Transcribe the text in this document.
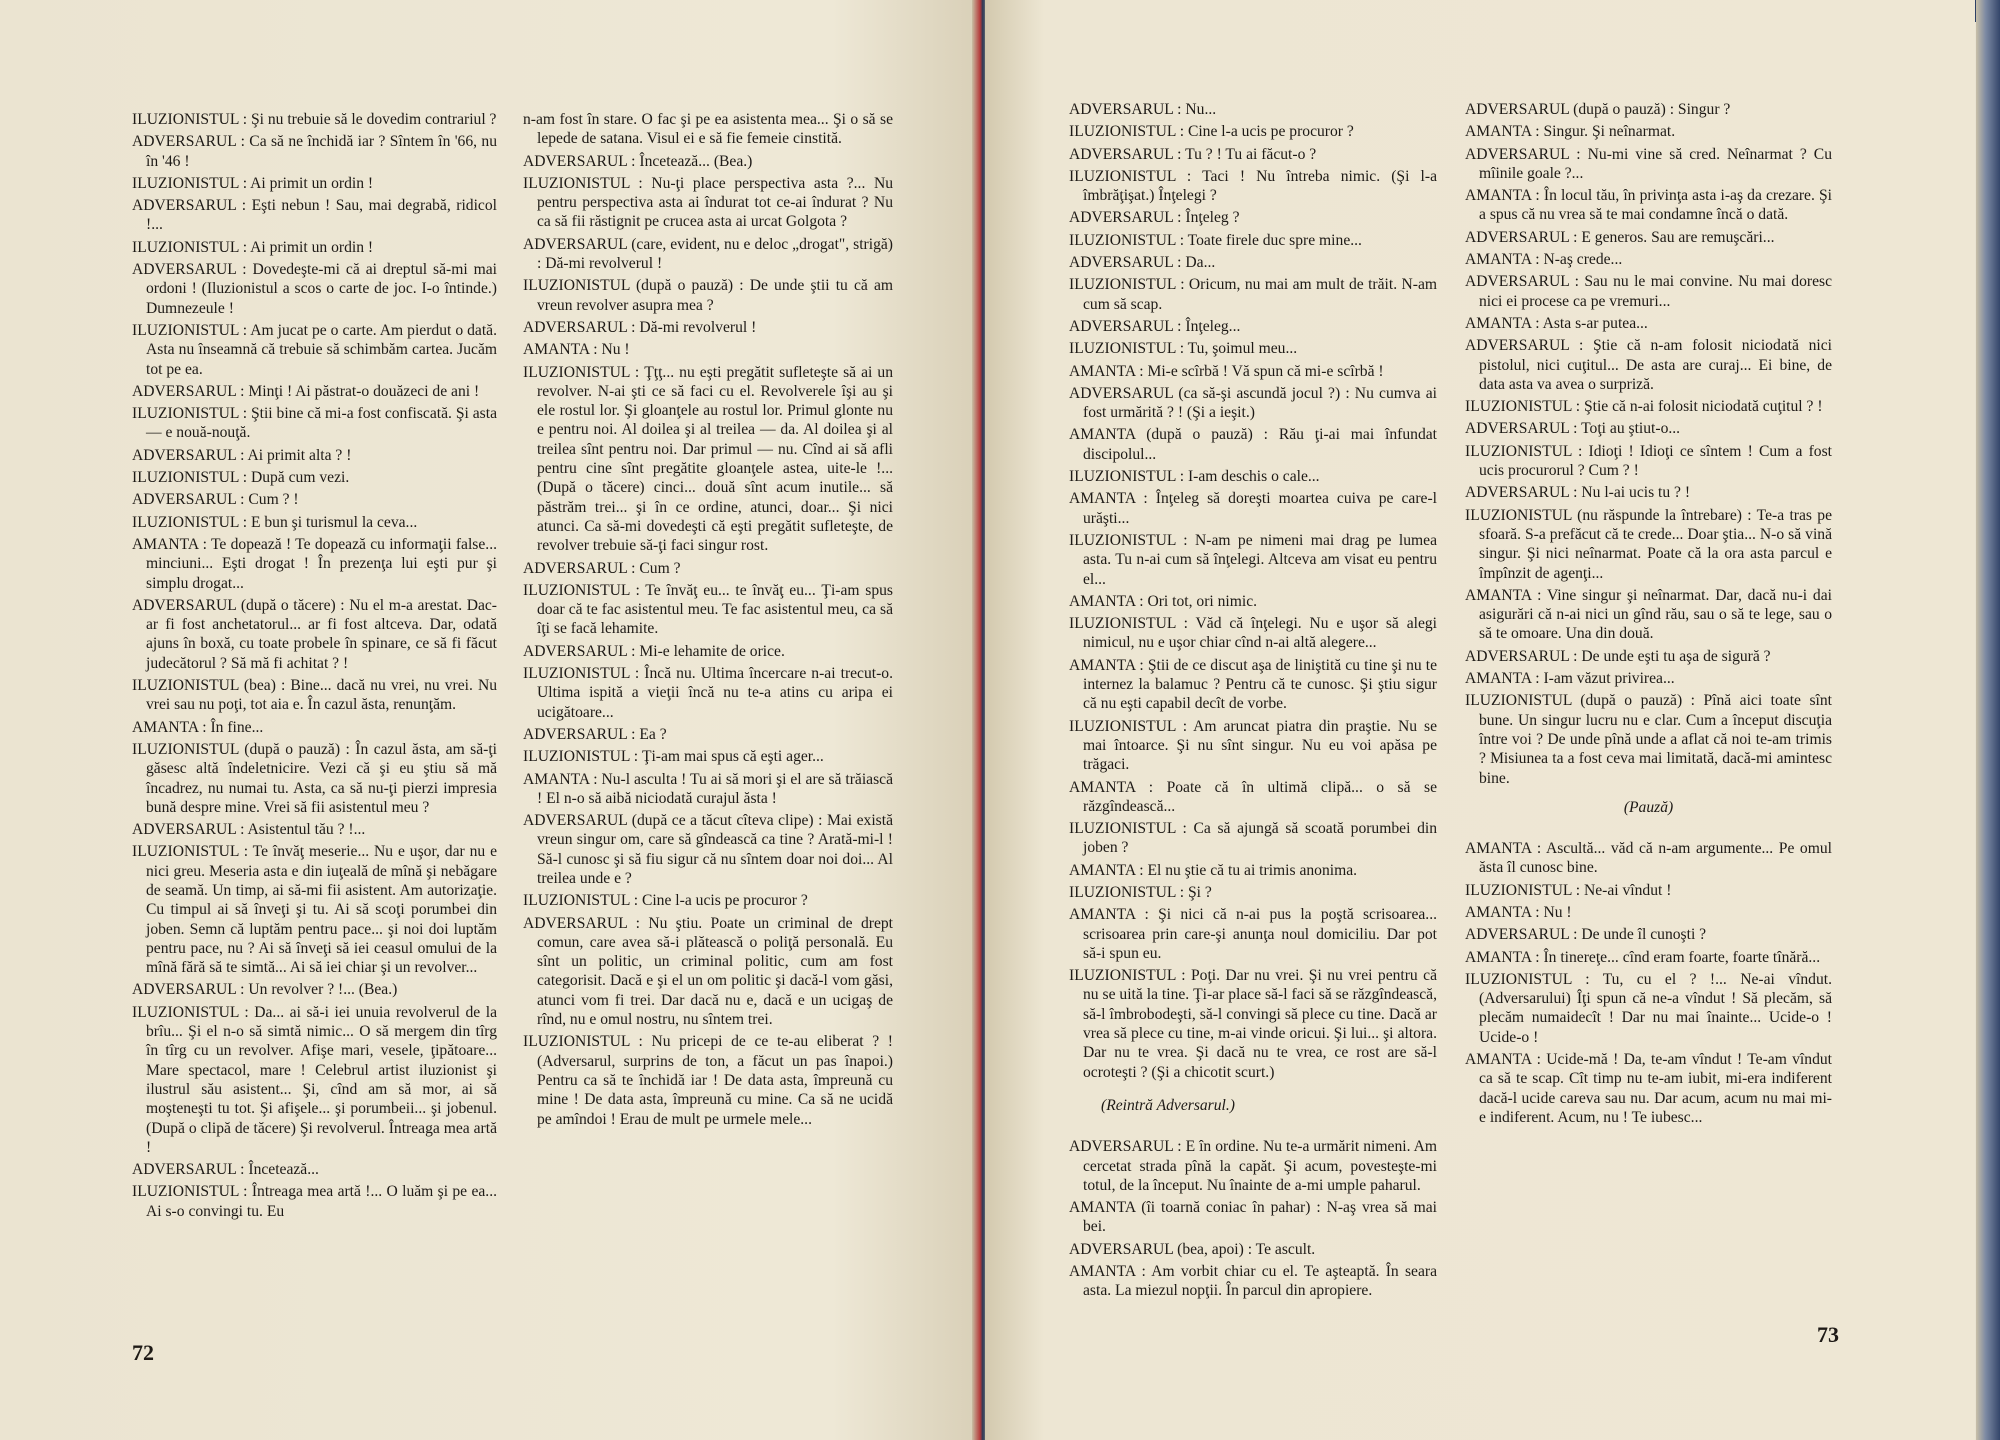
ILUZIONISTUL : Şi nu trebuie să le dovedim contrariul ?

ADVERSARUL : Ca să ne închidă iar ? Sîntem în '66, nu în '46 !

ILUZIONISTUL : Ai primit un ordin !

ADVERSARUL : Eşti nebun ! Sau, mai degrabă, ridicol !...

ILUZIONISTUL : Ai primit un ordin !

ADVERSARUL : Dovedeşte-mi că ai dreptul să-mi mai ordoni ! (Iluzionistul a scos o carte de joc. I-o întinde.) Dumnezeule !

ILUZIONISTUL : Am jucat pe o carte. Am pierdut o dată. Asta nu înseamnă că trebuie să schimbăm cartea. Jucăm tot pe ea.

ADVERSARUL : Minţi ! Ai păstrat-o douăzeci de ani !

ILUZIONISTUL : Ştii bine că mi-a fost confiscată. Şi asta — e nouă-nouţă.

ADVERSARUL : Ai primit alta ? !

ILUZIONISTUL : După cum vezi.

ADVERSARUL : Cum ? !

ILUZIONISTUL : E bun şi turismul la ceva...

AMANTA : Te dopează ! Te dopează cu informaţii false... minciuni... Eşti drogat ! În prezenţa lui eşti pur şi simplu drogat...

ADVERSARUL (după o tăcere) : Nu el m-a arestat. Dac-ar fi fost anchetatorul... ar fi fost altceva. Dar, odată ajuns în boxă, cu toate probele în spinare, ce să fi făcut judecătorul ? Să mă fi achitat ? !

ILUZIONISTUL (bea) : Bine... dacă nu vrei, nu vrei. Nu vrei sau nu poţi, tot aia e. În cazul ăsta, renunţăm.

AMANTA : În fine...

ILUZIONISTUL (după o pauză) : În cazul ăsta, am să-ţi găsesc altă îndeletnicire. Vezi că şi eu ştiu să mă încadrez, nu numai tu. Asta, ca să nu-ţi pierzi impresia bună despre mine. Vrei să fii asistentul meu ?

ADVERSARUL : Asistentul tău ? !...

ILUZIONISTUL : Te învăţ meserie... Nu e uşor, dar nu e nici greu. Meseria asta e din iuţeală de mînă şi nebăgare de seamă. Un timp, ai să-mi fii asistent. Am autorizaţie. Cu timpul ai să înveţi şi tu. Ai să scoţi porumbei din joben. Semn că luptăm pentru pace... şi noi doi luptăm pentru pace, nu ? Ai să înveţi să iei ceasul omului de la mînă fără să te simtă... Ai să iei chiar şi un revolver...

ADVERSARUL : Un revolver ? !... (Bea.)

ILUZIONISTUL : Da... ai să-i iei unuia revolverul de la brîu... Şi el n-o să simtă nimic... O să mergem din tîrg în tîrg cu un revolver. Afişe mari, vesele, ţipătoare... Mare spectacol, mare ! Celebrul artist iluzionist şi ilustrul său asistent... Şi, cînd am să mor, ai să moşteneşti tu tot. Şi afişele... şi porumbeii... şi jobenul. (După o clipă de tăcere) Şi revolverul. Întreaga mea artă !

ADVERSARUL : Încetează...

ILUZIONISTUL : Întreaga mea artă !... O luăm şi pe ea... Ai s-o convingi tu. Eu

n-am fost în stare. O fac şi pe ea asistenta mea... Şi o să se lepede de satana. Visul ei e să fie femeie cinstită.

ADVERSARUL : Încetează... (Bea.)

ILUZIONISTUL : Nu-ţi place perspectiva asta ?... Nu pentru perspectiva asta ai îndurat tot ce-ai îndurat ? Nu ca să fii răstignit pe crucea asta ai urcat Golgota ?

ADVERSARUL (care, evident, nu e deloc „drogat", strigă) : Dă-mi revolverul !

ILUZIONISTUL (după o pauză) : De unde ştii tu că am vreun revolver asupra mea ?

ADVERSARUL : Dă-mi revolverul !

AMANTA : Nu !

ILUZIONISTUL : Ţţţ... nu eşti pregătit sufleteşte să ai un revolver. N-ai şti ce să faci cu el. Revolverele îşi au şi ele rostul lor. Şi gloanţele au rostul lor. Primul glonte nu e pentru noi. Al doilea şi al treilea — da. Al doilea şi al treilea sînt pentru noi. Dar primul — nu. Cînd ai să afli pentru cine sînt pregătite gloanţele astea, uite-le !... (După o tăcere) cinci... două sînt acum inutile... să păstrăm trei... şi în ce ordine, atunci, doar... Şi nici atunci. Ca să-mi dovedeşti că eşti pregătit sufleteşte, de revolver trebuie să-ţi faci singur rost.

ADVERSARUL : Cum ?

ILUZIONISTUL : Te învăţ eu... te învăţ eu... Ţi-am spus doar că te fac asistentul meu. Te fac asistentul meu, ca să îţi se facă lehamite.

ADVERSARUL : Mi-e lehamite de orice.

ILUZIONISTUL : Încă nu. Ultima încercare n-ai trecut-o. Ultima ispită a vieţii încă nu te-a atins cu aripa ei ucigătoare...

ADVERSARUL : Ea ?

ILUZIONISTUL : Ţi-am mai spus că eşti ager...

AMANTA : Nu-l asculta ! Tu ai să mori şi el are să trăiască ! El n-o să aibă niciodată curajul ăsta !

ADVERSARUL (după ce a tăcut cîteva clipe) : Mai există vreun singur om, care să gîndească ca tine ? Arată-mi-l ! Să-l cunosc şi să fiu sigur că nu sîntem doar noi doi... Al treilea unde e ?

ILUZIONISTUL : Cine l-a ucis pe procuror ?

ADVERSARUL : Nu ştiu. Poate un criminal de drept comun, care avea să-i plătească o poliţă personală. Eu sînt un politic, un criminal politic, cum am fost categorisit. Dacă e şi el un om politic şi dacă-l vom găsi, atunci vom fi trei. Dar dacă nu e, dacă e un ucigaş de rînd, nu e omul nostru, nu sîntem trei.

ILUZIONISTUL : Nu pricepi de ce te-au eliberat ? ! (Adversarul, surprins de ton, a făcut un pas înapoi.) Pentru ca să te închidă iar ! De data asta, împreună cu mine ! De data asta, împreună cu mine. Ca să ne ucidă pe amîndoi ! Erau de mult pe urmele mele...

72

ADVERSARUL : Nu...

ILUZIONISTUL : Cine l-a ucis pe procuror ?

ADVERSARUL : Tu ? ! Tu ai făcut-o ?

ILUZIONISTUL : Taci ! Nu întreba nimic. (Şi l-a îmbrăţişat.) Înţelegi ?

ADVERSARUL : Înţeleg ?

ILUZIONISTUL : Toate firele duc spre mine...

ADVERSARUL : Da...

ILUZIONISTUL : Oricum, nu mai am mult de trăit. N-am cum să scap.

ADVERSARUL : Înţeleg...

ILUZIONISTUL : Tu, şoimul meu...

AMANTA : Mi-e scîrbă ! Vă spun că mi-e scîrbă !

ADVERSARUL (ca să-şi ascundă jocul ?) : Nu cumva ai fost urmărită ? ! (Şi a ieşit.)

AMANTA (după o pauză) : Rău ţi-ai mai înfundat discipolul...

ILUZIONISTUL : I-am deschis o cale...

AMANTA : Înţeleg să doreşti moartea cuiva pe care-l urăşti...

ILUZIONISTUL : N-am pe nimeni mai drag pe lumea asta. Tu n-ai cum să înţelegi. Altceva am visat eu pentru el...

AMANTA : Ori tot, ori nimic.

ILUZIONISTUL : Văd că înţelegi. Nu e uşor să alegi nimicul, nu e uşor chiar cînd n-ai altă alegere...

AMANTA : Ştii de ce discut aşa de liniştită cu tine şi nu te internez la balamuc ? Pentru că te cunosc. Şi ştiu sigur că nu eşti capabil decît de vorbe.

ILUZIONISTUL : Am aruncat piatra din praştie. Nu se mai întoarce. Şi nu sînt singur. Nu eu voi apăsa pe trăgaci.

AMANTA : Poate că în ultimă clipă... o să se răzgîndească...

ILUZIONISTUL : Ca să ajungă să scoată porumbei din joben ?

AMANTA : El nu ştie că tu ai trimis anonima.

ILUZIONISTUL : Şi ?

AMANTA : Şi nici că n-ai pus la poştă scrisoarea... scrisoarea prin care-şi anunţa noul domiciliu. Dar pot să-i spun eu.

ILUZIONISTUL : Poţi. Dar nu vrei. Şi nu vrei pentru că nu se uită la tine. Ţi-ar place să-l faci să se răzgîndească, să-l îmbrobodeşti, să-l convingi să plece cu tine. Dacă ar vrea să plece cu tine, m-ai vinde oricui. Şi lui... şi altora. Dar nu te vrea. Şi dacă nu te vrea, ce rost are să-l ocroteşti ? (Şi a chicotit scurt.)

(Reintră Adversarul.)

ADVERSARUL : E în ordine. Nu te-a urmărit nimeni. Am cercetat strada pînă la capăt. Şi acum, povesteşte-mi totul, de la început. Nu înainte de a-mi umple paharul.

AMANTA (îi toarnă coniac în pahar) : N-aş vrea să mai bei.

ADVERSARUL (bea, apoi) : Te ascult.

AMANTA : Am vorbit chiar cu el. Te aşteaptă. În seara asta. La miezul nopţii. În parcul din apropiere.

ADVERSARUL (după o pauză) : Singur ?

AMANTA : Singur. Şi neînarmat.

ADVERSARUL : Nu-mi vine să cred. Neînarmat ? Cu mîinile goale ?...

AMANTA : În locul tău, în privinţa asta i-aş da crezare. Şi a spus că nu vrea să te mai condamne încă o dată.

ADVERSARUL : E generos. Sau are remuşcări...

AMANTA : N-aş crede...

ADVERSARUL : Sau nu le mai convine. Nu mai doresc nici ei procese ca pe vremuri...

AMANTA : Asta s-ar putea...

ADVERSARUL : Ştie că n-am folosit niciodată nici pistolul, nici cuţitul... De asta are curaj... Ei bine, de data asta va avea o surpriză.

ILUZIONISTUL : Ştie că n-ai folosit niciodată cuţitul ? !

ADVERSARUL : Toţi au ştiut-o...

ILUZIONISTUL : Idioţi ! Idioţi ce sîntem ! Cum a fost ucis procurorul ? Cum ? !

ADVERSARUL : Nu l-ai ucis tu ? !

ILUZIONISTUL (nu răspunde la întrebare) : Te-a tras pe sfoară. S-a prefăcut că te crede... Doar ştia... N-o să vină singur. Şi nici neînarmat. Poate că la ora asta parcul e împînzit de agenţi...

AMANTA : Vine singur şi neînarmat. Dar, dacă nu-i dai asigurări că n-ai nici un gînd rău, sau o să te lege, sau o să te omoare. Una din două.

ADVERSARUL : De unde eşti tu aşa de sigură ?

AMANTA : I-am văzut privirea...

ILUZIONISTUL (după o pauză) : Pînă aici toate sînt bune. Un singur lucru nu e clar. Cum a început discuţia între voi ? De unde pînă unde a aflat că noi te-am trimis ? Misiunea ta a fost ceva mai limitată, dacă-mi amintesc bine.

(Pauză)

AMANTA : Ascultă... văd că n-am argumente... Pe omul ăsta îl cunosc bine.

ILUZIONISTUL : Ne-ai vîndut !

AMANTA : Nu !

ADVERSARUL : De unde îl cunoşti ?

AMANTA : În tinereţe... cînd eram foarte, foarte tînără...

ILUZIONISTUL : Tu, cu el ? !... Ne-ai vîndut. (Adversarului) Îţi spun că ne-a vîndut ! Să plecăm, să plecăm numaidecît ! Dar nu mai înainte... Ucide-o ! Ucide-o !

AMANTA : Ucide-mă ! Da, te-am vîndut ! Te-am vîndut ca să te scap. Cît timp nu te-am iubit, mi-era indiferent dacă-l ucide careva sau nu. Dar acum, acum nu mai mi-e indiferent. Acum, nu ! Te iubesc...

73
